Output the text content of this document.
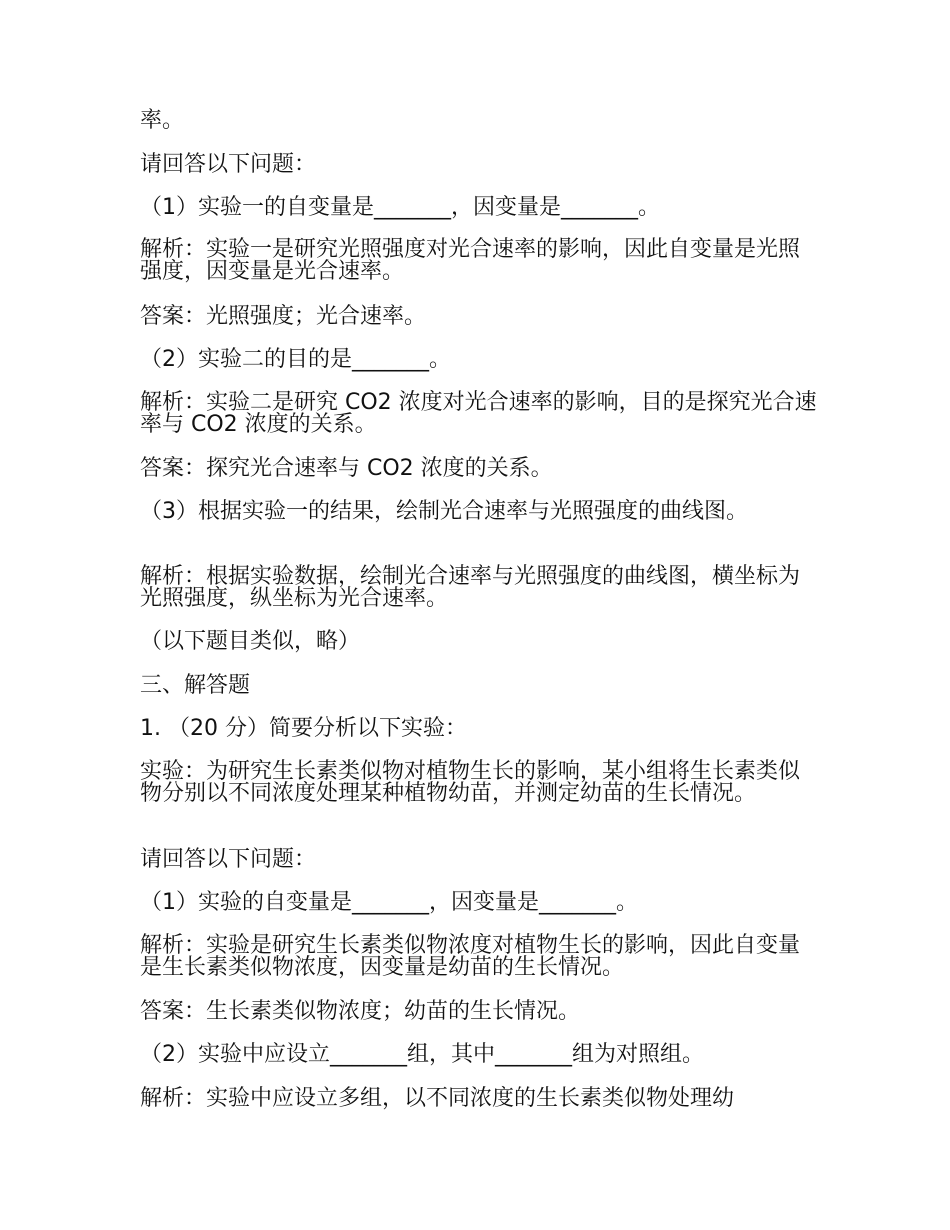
率。
请回答以下问题：
（1）实验一的自变量是_______，因变量是_______。
解析：实验一是研究光照强度对光合速率的影响，因此自变量是光照强度，因变量是光合速率。
答案：光照强度；光合速率。
（2）实验二的目的是_______。
解析：实验二是研究 CO2 浓度对光合速率的影响，目的是探究光合速率与 CO2 浓度的关系。
答案：探究光合速率与 CO2 浓度的关系。
（3）根据实验一的结果，绘制光合速率与光照强度的曲线图。
解析：根据实验数据，绘制光合速率与光照强度的曲线图，横坐标为光照强度，纵坐标为光合速率。
（以下题目类似，略）
三、解答题
1. （20 分）简要分析以下实验：
实验：为研究生长素类似物对植物生长的影响，某小组将生长素类似物分别以不同浓度处理某种植物幼苗，并测定幼苗的生长情况。
请回答以下问题：
（1）实验的自变量是_______，因变量是_______。
解析：实验是研究生长素类似物浓度对植物生长的影响，因此自变量是生长素类似物浓度，因变量是幼苗的生长情况。
答案：生长素类似物浓度；幼苗的生长情况。
（2）实验中应设立_______组，其中_______组为对照组。
解析：实验中应设立多组，以不同浓度的生长素类似物处理幼
